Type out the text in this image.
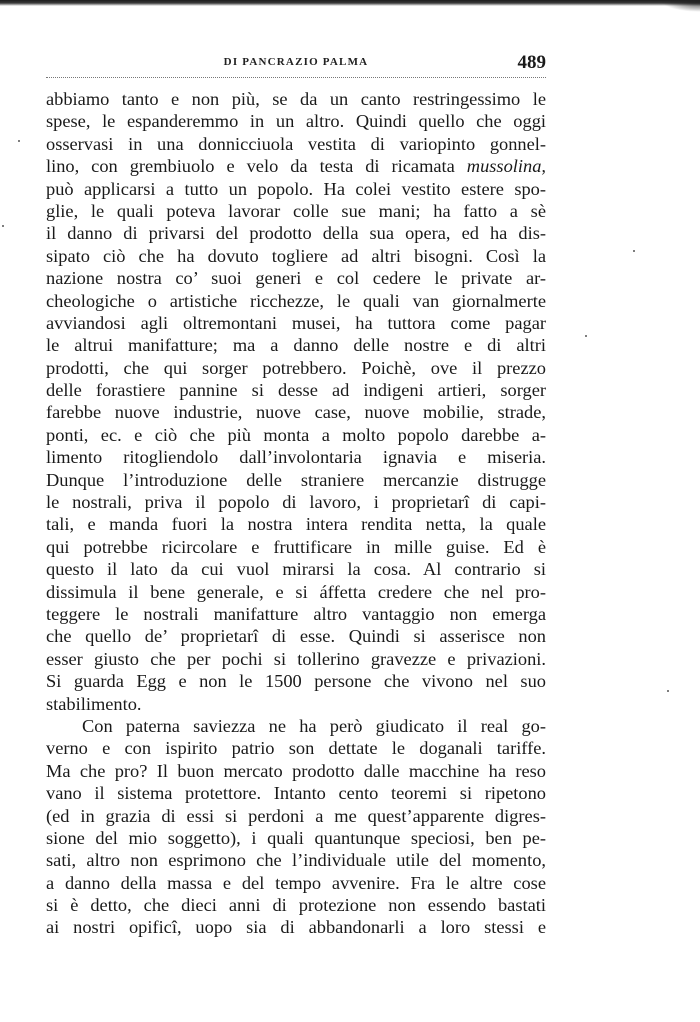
DI PANCRAZIO PALMA	489
abbiamo tanto e non più, se da un canto restringessimo le
spese, le espanderemmo in un altro. Quindi quello che oggi
osservasi in una donnicciuola vestita di variopinto gonnel-
lino, con grembiuolo e velo da testa di ricamata mussolina,
può applicarsi a tutto un popolo. Ha colei vestito estere spo-
glie, le quali poteva lavorar colle sue mani; ha fatto a sè
il danno di privarsi del prodotto della sua opera, ed ha dis-
sipato ciò che ha dovuto togliere ad altri bisogni. Così la
nazione nostra co’ suoi generi e col cedere le private ar-
cheologiche o artistiche ricchezze, le quali van giornalmerte
avviandosi agli oltremontani musei, ha tuttora come pagar
le altrui manifatture; ma a danno delle nostre e di altri
prodotti, che qui sorger potrebbero. Poichè, ove il prezzo
delle forastiere pannine si desse ad indigeni artieri, sorger
farebbe nuove industrie, nuove case, nuove mobilie, strade,
ponti, ec. e ciò che più monta a molto popolo darebbe a-
limento ritogliendolo dall’involontaria ignavia e miseria.
Dunque l’introduzione delle straniere mercanzie distrugge
le nostrali, priva il popolo di lavoro, i proprietarî di capi-
tali, e manda fuori la nostra intera rendita netta, la quale
qui potrebbe ricircolare e fruttificare in mille guise. Ed è
questo il lato da cui vuol mirarsi la cosa. Al contrario si
dissimula il bene generale, e si áffetta credere che nel pro-
teggere le nostrali manifatture altro vantaggio non emerga
che quello de’ proprietarî di esse. Quindi si asserisce non
esser giusto che per pochi si tollerino gravezze e privazioni.
Si guarda Egg e non le 1500 persone che vivono nel suo
stabilimento.
Con paterna saviezza ne ha però giudicato il real go-
verno e con ispirito patrio son dettate le doganali tariffe.
Ma che pro? Il buon mercato prodotto dalle macchine ha reso
vano il sistema protettore. Intanto cento teoremi si ripetono
(ed in grazia di essi si perdoni a me quest’apparente digres-
sione del mio soggetto), i quali quantunque speciosi, ben pe-
sati, altro non esprimono che l’individuale utile del momento,
a danno della massa e del tempo avvenire. Fra le altre cose
si è detto, che dieci anni di protezione non essendo bastati
ai nostri opificî, uopo sia di abbandonarli a loro stessi e
